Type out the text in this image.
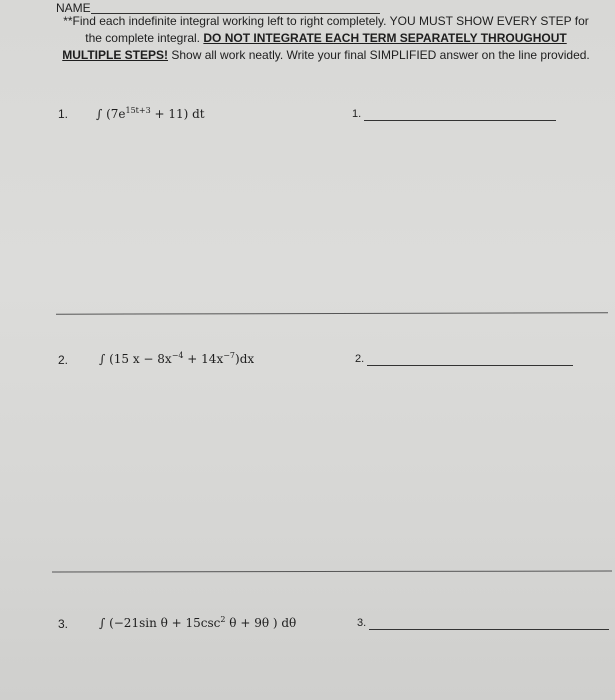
NAME
**Find each indefinite integral working left to right completely. YOU MUST SHOW EVERY STEP for the complete integral. DO NOT INTEGRATE EACH TERM SEPARATELY THROUGHOUT MULTIPLE STEPS! Show all work neatly. Write your final SIMPLIFIED answer on the line provided.
1. ∫ $(7e^{15t+3} + 11)$ dt	1.
2.	∫ (15 $x - 8x^{-4} + 14x^{-7})dx$	2.
3.	∫ (−21sin $\theta + 15\csc^2$ θ + 9θ ) dθ	3.
